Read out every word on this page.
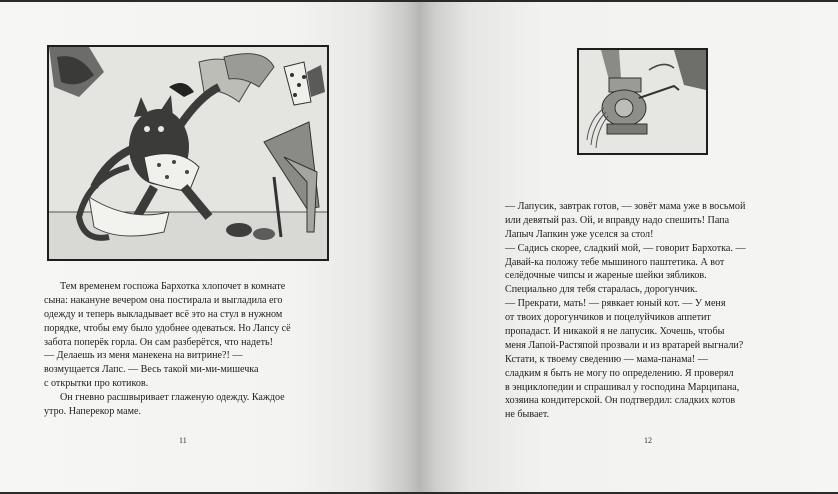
Тем временем госпожа Бархотка хлопочет в комнате
сына: накануне вечером она постирала и выгладила его
одежду и теперь выкладывает всё это на стул в нужном
порядке, чтобы ему было удобнее одеваться. Но Лапсу сё
забота поперёк горла. Он сам разберётся, что надеть!
— Делаешь из меня манекена на витрине?! —
возмущается Лапс. — Весь такой ми-ми-мишечка
с открытки про котиков.
Он гневно расшвыривает глаженую одежду. Каждое
утро. Наперекор маме.
11
— Лапусик, завтрак готов, — зовёт мама уже в восьмой
или девятый раз. Ой, и вправду надо спешить! Папа
Лапыч Лапкин уже уселся за стол!
— Садись скорее, сладкий мой, — говорит Бархотка. —
Давай-ка положу тебе мышиного паштетика. А вот
селёдочные чипсы и жареные шейки зябликов.
Специально для тебя старалась, дорогунчик.
— Прекрати, мать! — рявкает юный кот. — У меня
от твоих дорогунчиков и поцелуйчиков аппетит
пропадаст. И никакой я не лапусик. Хочешь, чтобы
меня Лапой-Растяпой прозвали и из вратарей выгнали?
Кстати, к твоему сведению — мама-панама! —
сладким я быть не могу по определению. Я проверял
в энциклопедии и спрашивал у господина Марципана,
хозяина кондитерской. Он подтвердил: сладких котов
не бывает.
12
